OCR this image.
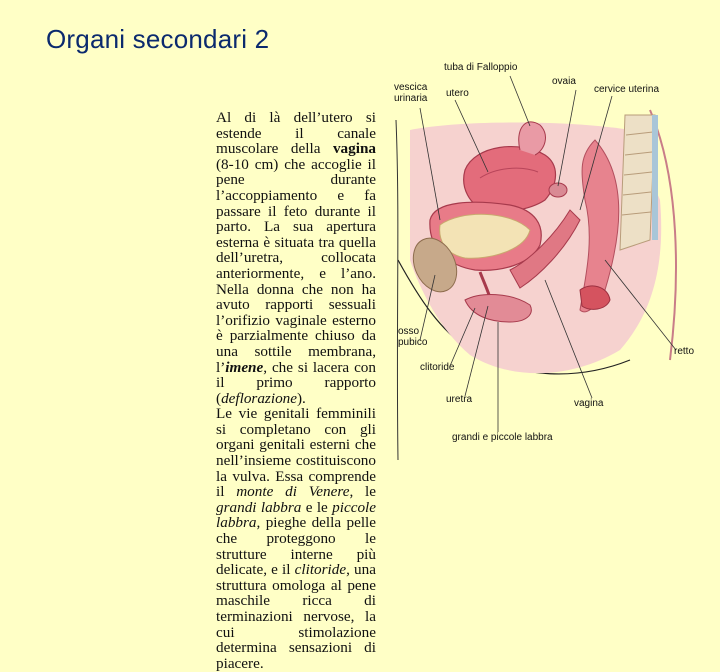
Organi secondari 2

Al di là dell’utero si estende il canale muscolare della vagina (8-10 cm) che accoglie il pene durante l’accoppiamento e fa passare il feto durante il parto. La sua apertura esterna è situata tra quella dell’uretra, collocata anteriormente, e l’ano. Nella donna che non ha avuto rapporti sessuali l’orifizio vaginale esterno è parzialmente chiuso da una sottile membrana, l’imene, che si lacera con il primo rapporto (deflorazione).

Le vie genitali femminili si completano con gli organi genitali esterni che nell’insieme costituiscono la vulva. Essa comprende il monte di Venere, le grandi labbra e le piccole labbra, pieghe della pelle che proteggono le strutture interne più delicate, e il clitoride, una struttura omologa al pene maschile ricca di terminazioni nervose, la cui stimolazione determina sensazioni di piacere.

tuba di Falloppio
vescica
urinaria utero
ovaia
cervice uterina
osso
pubico
retto
clitoride
uretra	vagina
grandi e piccole labbra
